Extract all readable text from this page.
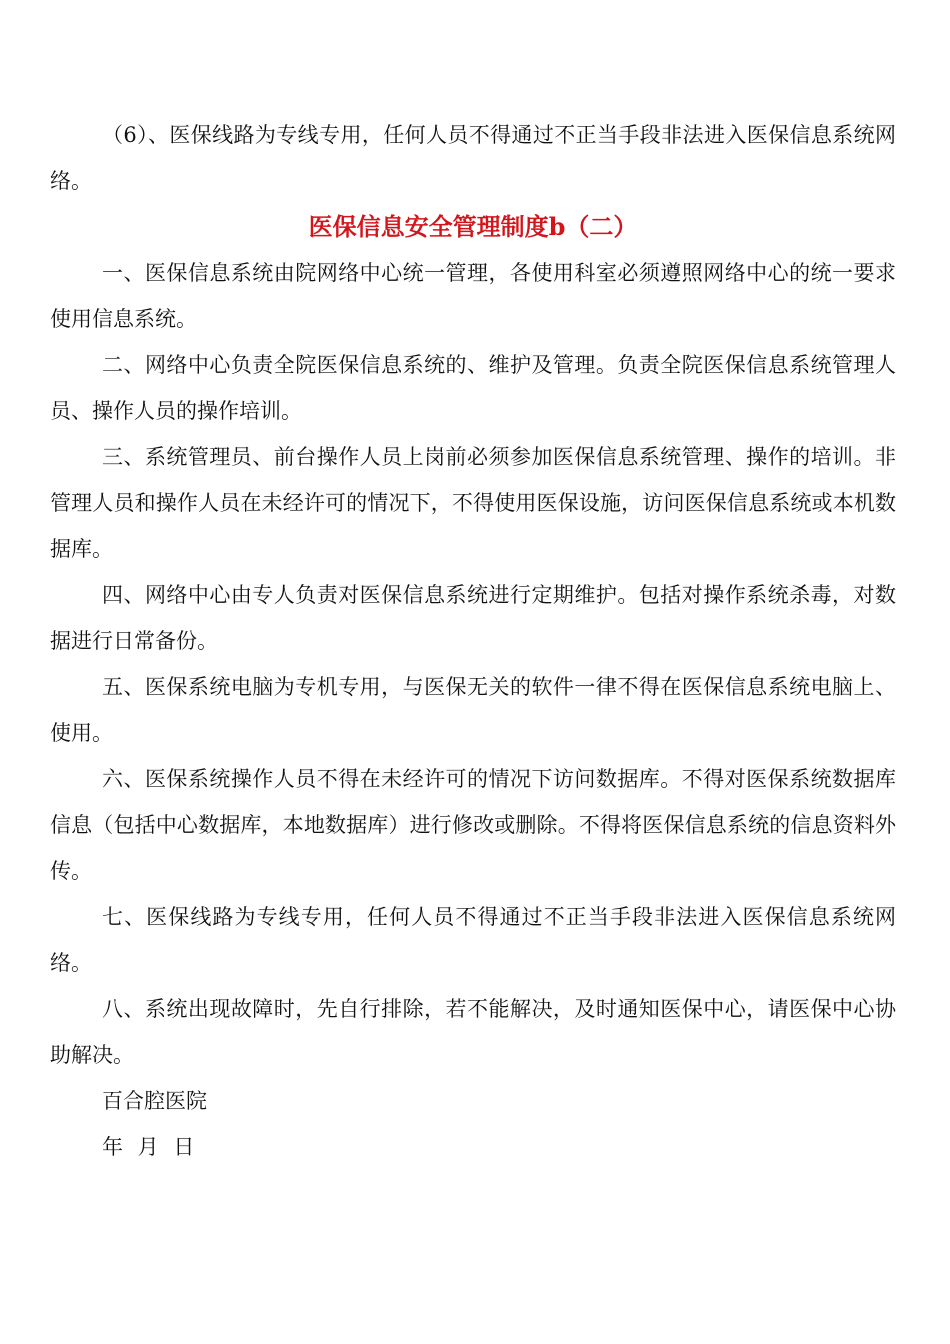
（6）、医保线路为专线专用，任何人员不得通过不正当手段非法进入医保信息系统网络。

医保信息安全管理制度b（二）

一、医保信息系统由院网络中心统一管理，各使用科室必须遵照网络中心的统一要求使用信息系统。

二、网络中心负责全院医保信息系统的、维护及管理。负责全院医保信息系统管理人员、操作人员的操作培训。

三、系统管理员、前台操作人员上岗前必须参加医保信息系统管理、操作的培训。非管理人员和操作人员在未经许可的情况下，不得使用医保设施，访问医保信息系统或本机数据库。

四、网络中心由专人负责对医保信息系统进行定期维护。包括对操作系统杀毒，对数据进行日常备份。

五、医保系统电脑为专机专用，与医保无关的软件一律不得在医保信息系统电脑上、使用。

六、医保系统操作人员不得在未经许可的情况下访问数据库。不得对医保系统数据库信息（包括中心数据库，本地数据库）进行修改或删除。不得将医保信息系统的信息资料外传。

七、医保线路为专线专用，任何人员不得通过不正当手段非法进入医保信息系统网络。

八、系统出现故障时，先自行排除，若不能解决，及时通知医保中心，请医保中心协助解决。

百合腔医院

年 月 日
